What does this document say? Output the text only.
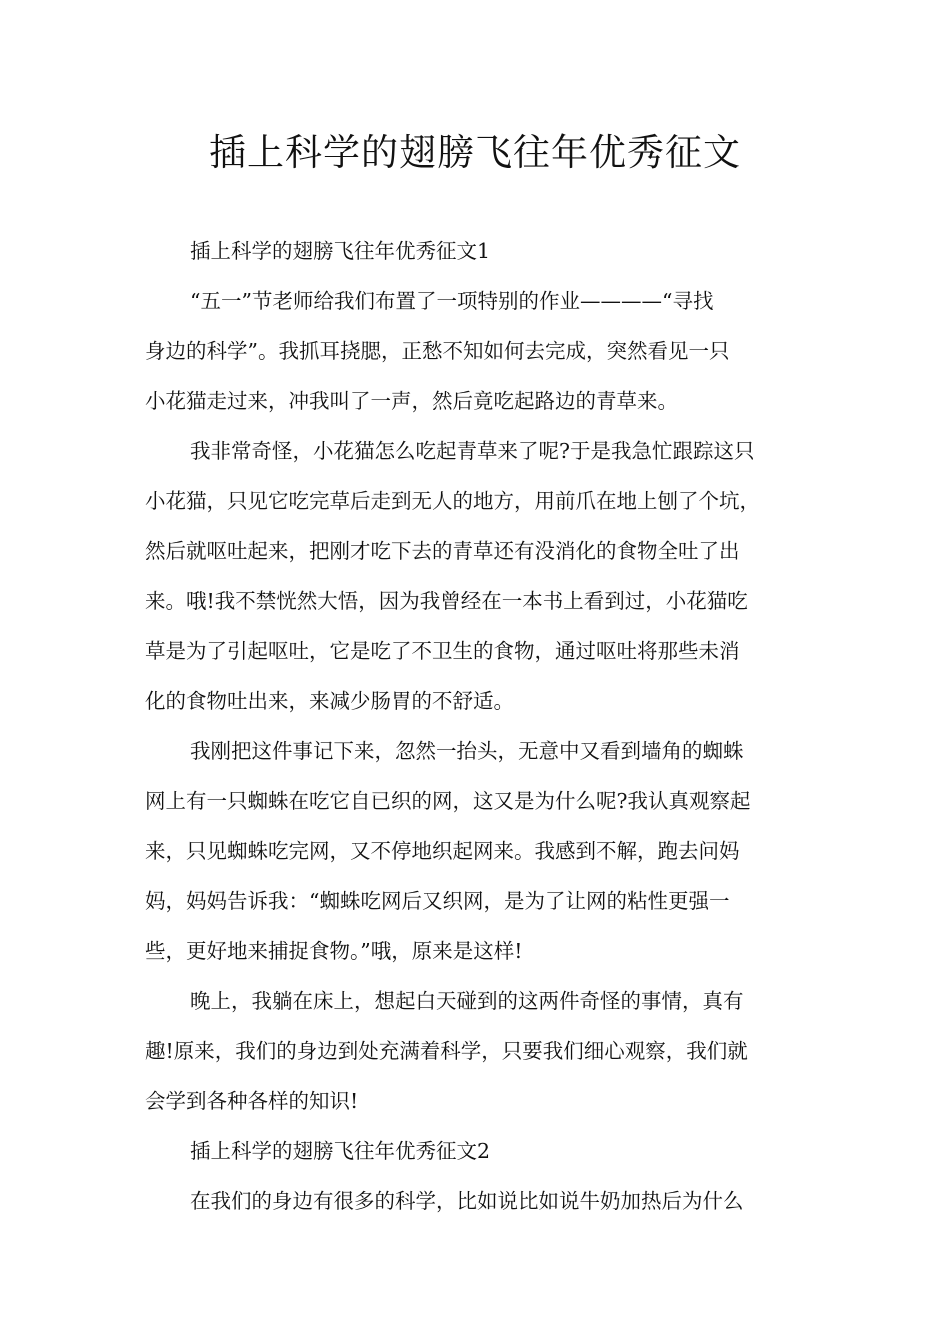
插上科学的翅膀飞往年优秀征文
插上科学的翅膀飞往年优秀征文1
“五一”节老师给我们布置了一项特别的作业————“寻找
身边的科学”。我抓耳挠腮，正愁不知如何去完成，突然看见一只
小花猫走过来，冲我叫了一声，然后竟吃起路边的青草来。
我非常奇怪，小花猫怎么吃起青草来了呢?于是我急忙跟踪这只
小花猫，只见它吃完草后走到无人的地方，用前爪在地上刨了个坑，
然后就呕吐起来，把刚才吃下去的青草还有没消化的食物全吐了出
来。哦!我不禁恍然大悟，因为我曾经在一本书上看到过，小花猫吃
草是为了引起呕吐，它是吃了不卫生的食物，通过呕吐将那些未消
化的食物吐出来，来减少肠胃的不舒适。
我刚把这件事记下来，忽然一抬头，无意中又看到墙角的蜘蛛
网上有一只蜘蛛在吃它自已织的网，这又是为什么呢?我认真观察起
来，只见蜘蛛吃完网，又不停地织起网来。我感到不解，跑去问妈
妈，妈妈告诉我：“蜘蛛吃网后又织网，是为了让网的粘性更强一
些，更好地来捕捉食物。”哦，原来是这样!
晚上，我躺在床上，想起白天碰到的这两件奇怪的事情，真有
趣!原来，我们的身边到处充满着科学，只要我们细心观察，我们就
会学到各种各样的知识!
插上科学的翅膀飞往年优秀征文2
在我们的身边有很多的科学，比如说比如说牛奶加热后为什么
